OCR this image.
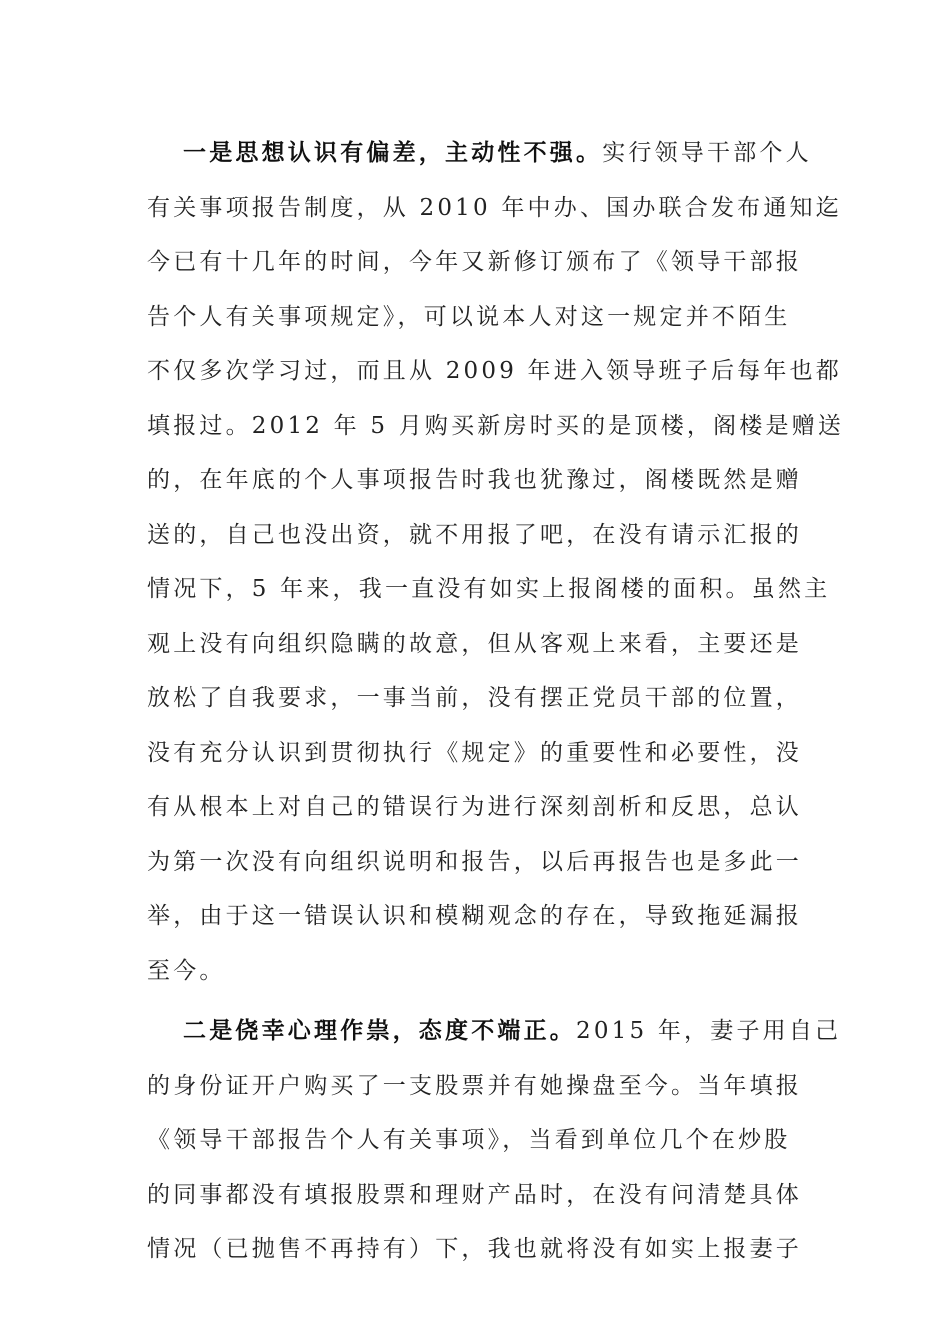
一是思想认识有偏差，主动性不强。实行领导干部个人
有关事项报告制度，从 2010 年中办、国办联合发布通知迄
今已有十几年的时间，今年又新修订颁布了《领导干部报
告个人有关事项规定》，可以说本人对这一规定并不陌生
不仅多次学习过，而且从 2009 年进入领导班子后每年也都
填报过。2012 年 5 月购买新房时买的是顶楼，阁楼是赠送
的，在年底的个人事项报告时我也犹豫过，阁楼既然是赠
送的，自己也没出资，就不用报了吧，在没有请示汇报的
情况下，5 年来，我一直没有如实上报阁楼的面积。虽然主
观上没有向组织隐瞒的故意，但从客观上来看，主要还是
放松了自我要求，一事当前，没有摆正党员干部的位置，
没有充分认识到贯彻执行《规定》的重要性和必要性，没
有从根本上对自己的错误行为进行深刻剖析和反思，总认
为第一次没有向组织说明和报告，以后再报告也是多此一
举，由于这一错误认识和模糊观念的存在，导致拖延漏报
至今。
二是侥幸心理作祟，态度不端正。2015 年，妻子用自己
的身份证开户购买了一支股票并有她操盘至今。当年填报
《领导干部报告个人有关事项》，当看到单位几个在炒股
的同事都没有填报股票和理财产品时，在没有问清楚具体
情况（已抛售不再持有）下，我也就将没有如实上报妻子
